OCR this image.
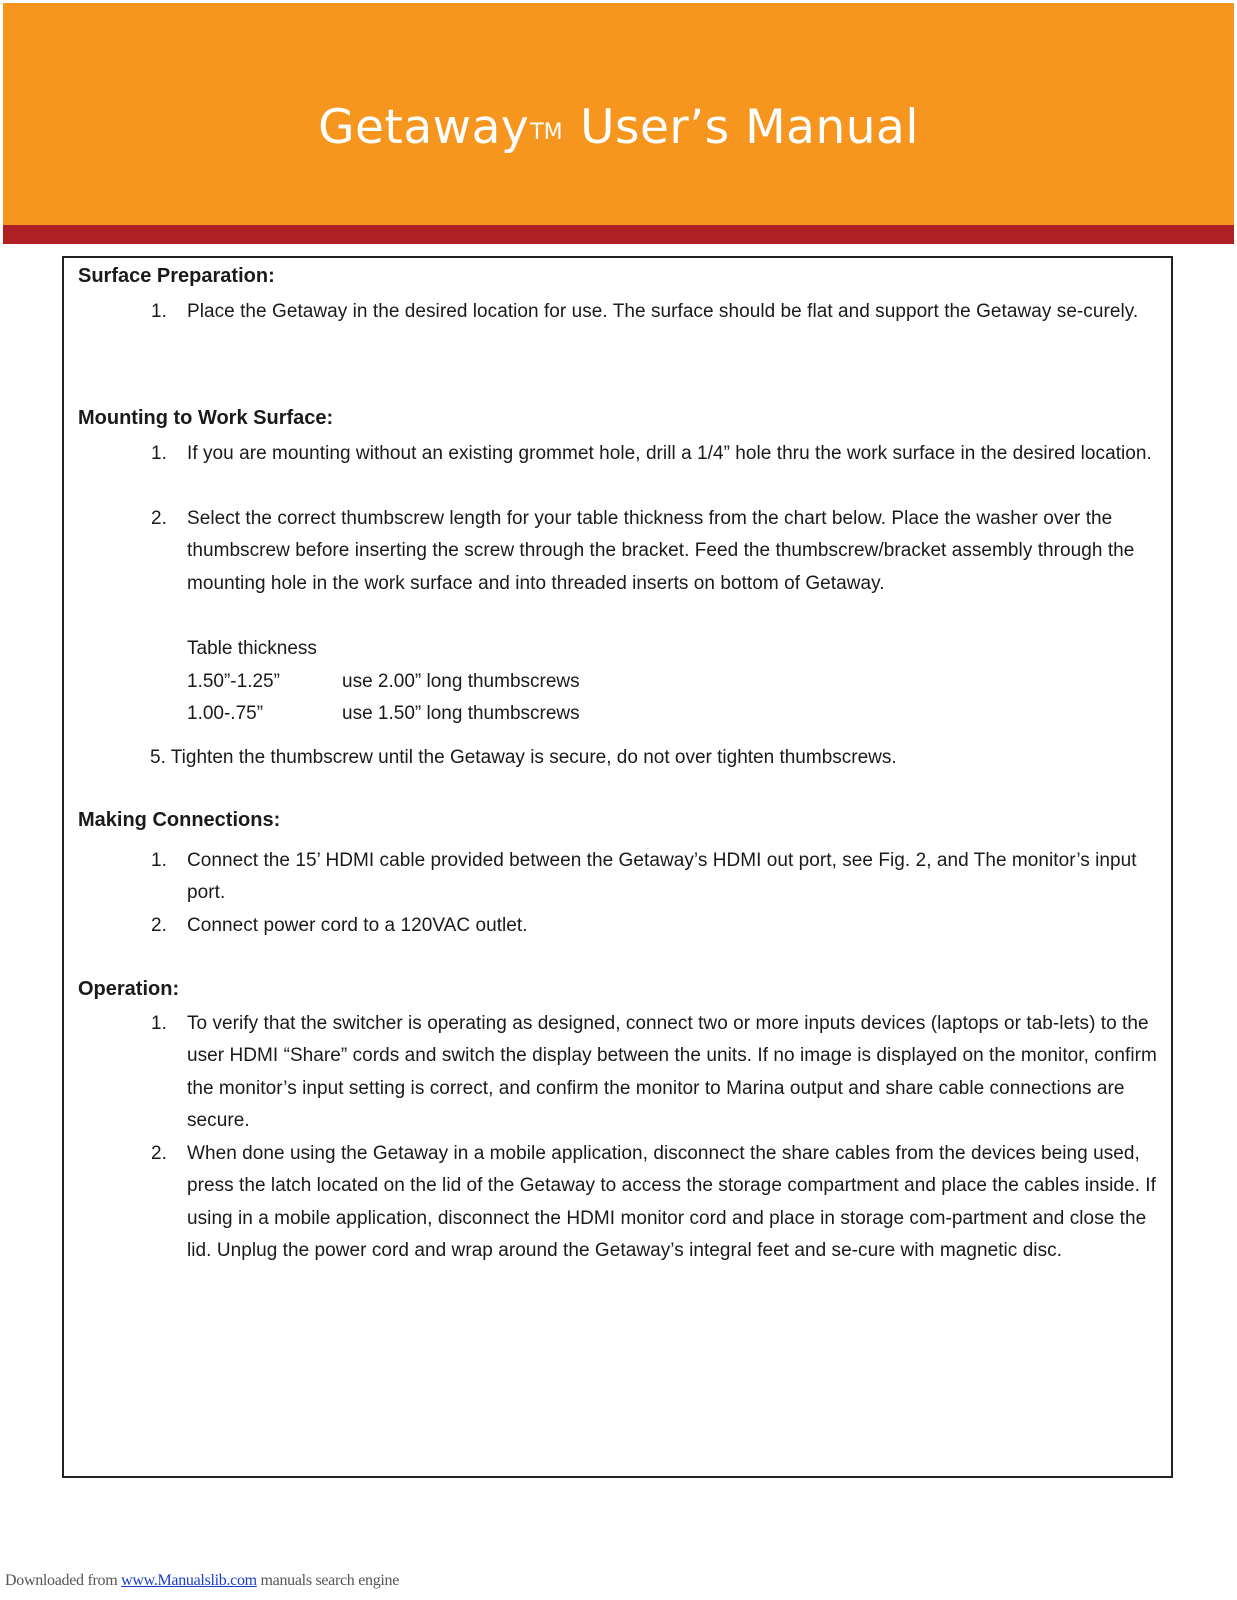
GetawayTM User’s Manual
Surface Preparation:
1. Place the Getaway in the desired location for use. The surface should be flat and support the Getaway se-curely.
Mounting to Work Surface:
1. If you are mounting without an existing grommet hole, drill a 1/4” hole thru the work surface in the desired location.
2. Select the correct thumbscrew length for your table thickness from the chart below. Place the washer over the thumbscrew before inserting the screw through the bracket. Feed the thumbscrew/bracket assembly through the mounting hole in the work surface and into threaded inserts on bottom of Getaway.
Table thickness
1.50”-1.25”	use 2.00” long thumbscrews
1.00-.75”	use 1.50” long thumbscrews
5. Tighten the thumbscrew until the Getaway is secure, do not over tighten thumbscrews.
Making Connections:
1. Connect the 15’ HDMI cable provided between the Getaway’s HDMI out port, see Fig. 2, and The monitor’s input port.
2. Connect power cord to a 120VAC outlet.
Operation:
1. To verify that the switcher is operating as designed, connect two or more inputs devices (laptops or tab-lets) to the user HDMI “Share” cords and switch the display between the units. If no image is displayed on the monitor, confirm the monitor’s input setting is correct, and confirm the monitor to Marina output and share cable connections are secure.
2. When done using the Getaway in a mobile application, disconnect the share cables from the devices being used, press the latch located on the lid of the Getaway to access the storage compartment and place the cables inside. If using in a mobile application, disconnect the HDMI monitor cord and place in storage com-partment and close the lid. Unplug the power cord and wrap around the Getaway’s integral feet and se-cure with magnetic disc.
Downloaded from www.Manualslib.com manuals search engine
